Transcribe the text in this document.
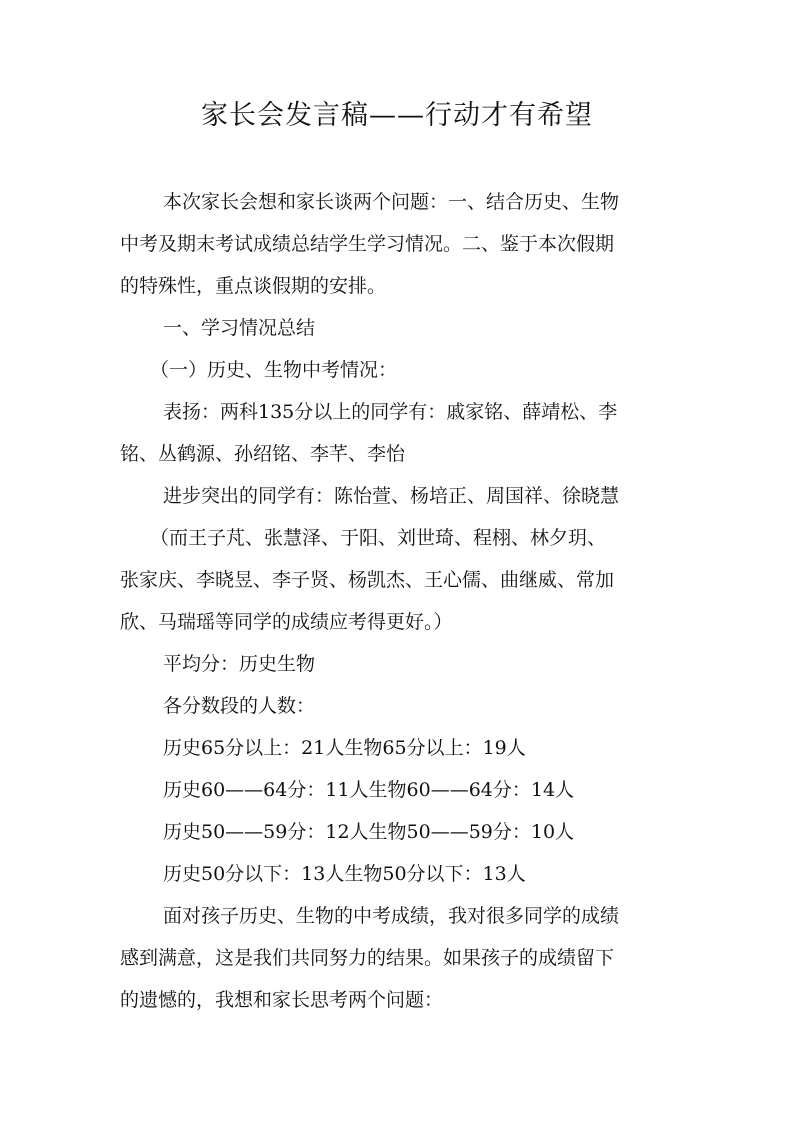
家长会发言稿——行动才有希望
本次家长会想和家长谈两个问题：一、结合历史、生物
中考及期末考试成绩总结学生学习情况。二、鉴于本次假期
的特殊性，重点谈假期的安排。
一、学习情况总结
（一）历史、生物中考情况：
表扬：两科135分以上的同学有：戚家铭、薛靖松、李
铭、丛鹤源、孙绍铭、李芊、李怡
进步突出的同学有：陈怡萱、杨培正、周国祥、徐晓慧
（而王子芃、张慧泽、于阳、刘世琦、程栩、林夕玥、
张家庆、李晓昱、李子贤、杨凯杰、王心儒、曲继威、常加
欣、马瑞瑶等同学的成绩应考得更好。）
平均分：历史生物
各分数段的人数：
历史65分以上：21人生物65分以上：19人
历史60——64分：11人生物60——64分：14人
历史50——59分：12人生物50——59分：10人
历史50分以下：13人生物50分以下：13人
面对孩子历史、生物的中考成绩，我对很多同学的成绩
感到满意，这是我们共同努力的结果。如果孩子的成绩留下
的遗憾的，我想和家长思考两个问题：
